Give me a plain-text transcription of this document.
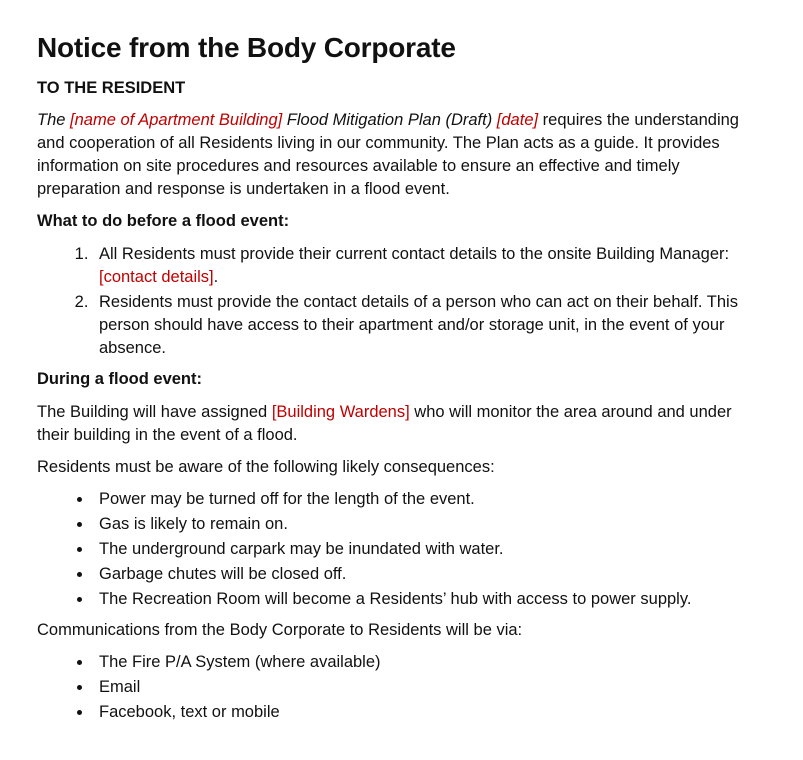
Notice from the Body Corporate
TO THE RESIDENT

The [name of Apartment Building] Flood Mitigation Plan (Draft) [date] requires the understanding and cooperation of all Residents living in our community. The Plan acts as a guide. It provides information on site procedures and resources available to ensure an effective and timely preparation and response is undertaken in a flood event.

What to do before a flood event:

1. All Residents must provide their current contact details to the onsite Building Manager: [contact details].
2. Residents must provide the contact details of a person who can act on their behalf. This person should have access to their apartment and/or storage unit, in the event of your absence.

During a flood event:

The Building will have assigned [Building Wardens] who will monitor the area around and under their building in the event of a flood.

Residents must be aware of the following likely consequences:

• Power may be turned off for the length of the event.
• Gas is likely to remain on.
• The underground carpark may be inundated with water.
• Garbage chutes will be closed off.
• The Recreation Room will become a Residents’ hub with access to power supply.

Communications from the Body Corporate to Residents will be via:

• The Fire P/A System (where available)
• Email
• Facebook, text or mobile
